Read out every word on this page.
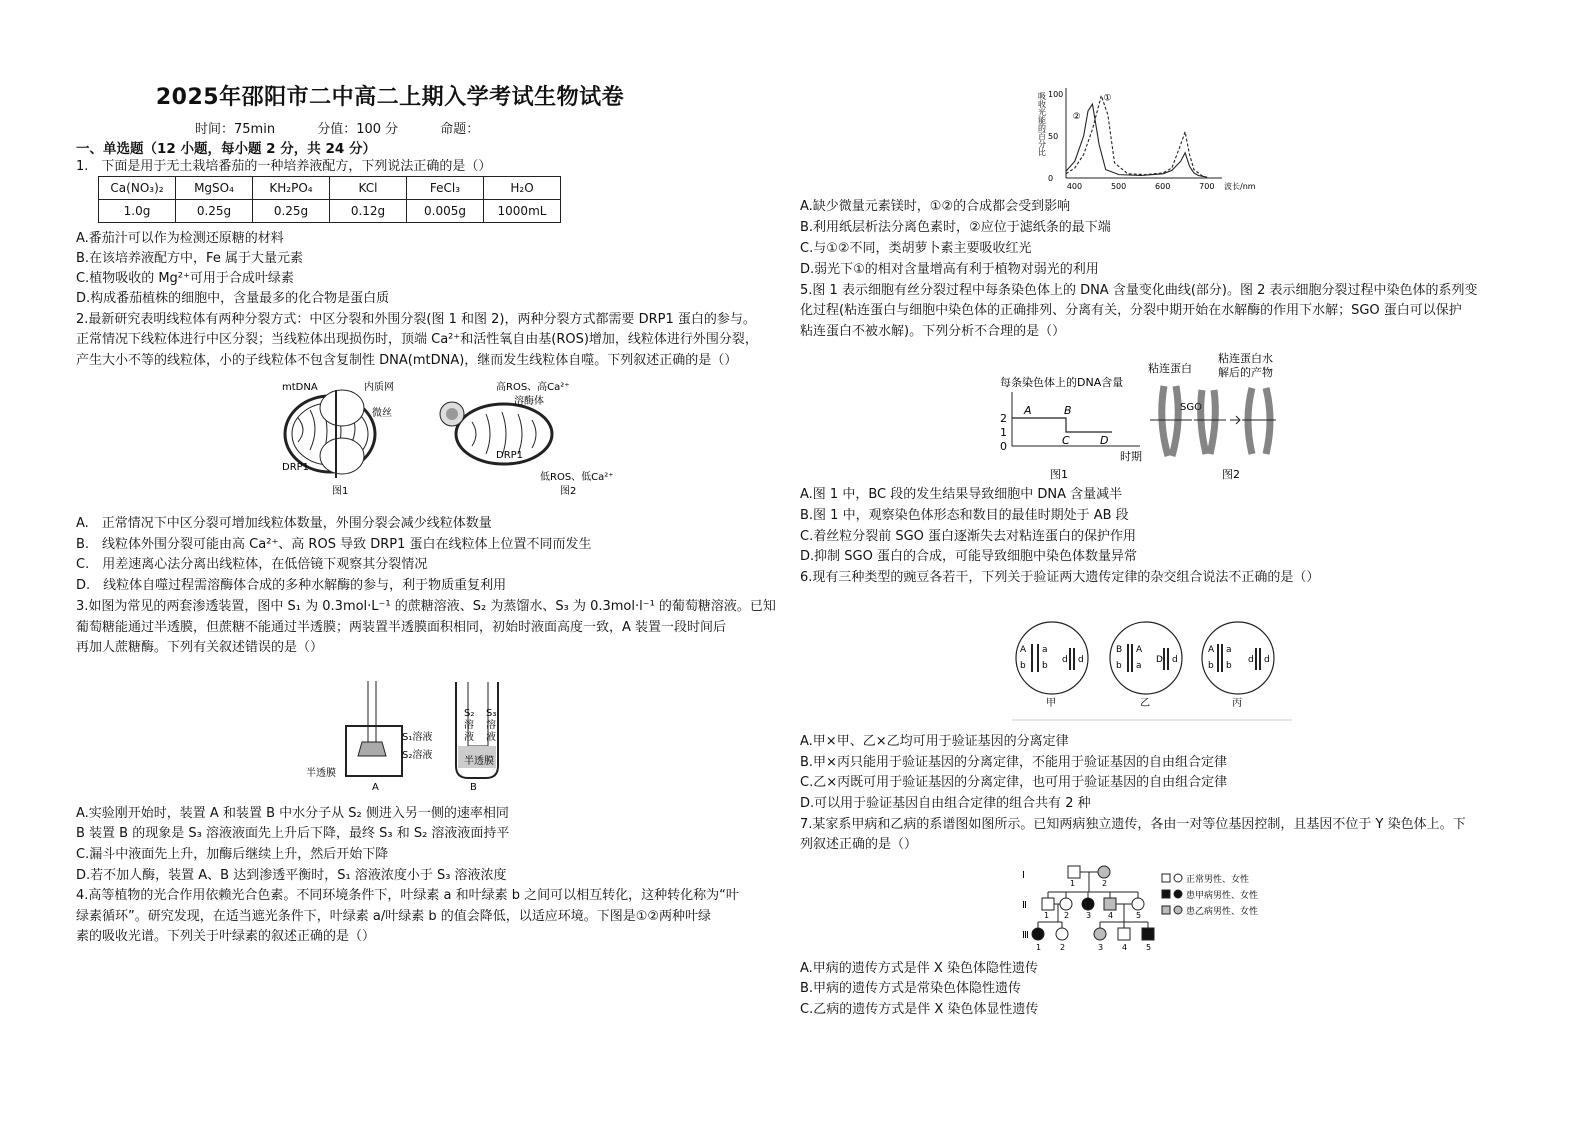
2025年邵阳市二中高二上期入学考试生物试卷
时间：75min	分值：100 分	命题：
一、单选题（12 小题，每小题 2 分，共 24 分）
1.　下面是用于无土栽培番茄的一种培养液配方，下列说法正确的是（）
Ca(NO₃)₂	MgSO₄	KH₂PO₄	KCl	FeCl₃	H₂O
1.0g	0.25g	0.25g	0.12g	0.005g	1000mL
A.番茄汁可以作为检测还原糖的材料
B.在该培养液配方中，Fe 属于大量元素
C.植物吸收的 Mg²⁺可用于合成叶绿素
D.构成番茄植株的细胞中，含量最多的化合物是蛋白质
2.最新研究表明线粒体有两种分裂方式：中区分裂和外围分裂(图 1 和图 2)，两种分裂方式都需要 DRP1 蛋白的参与。
正常情况下线粒体进行中区分裂；当线粒体出现损伤时，顶端 Ca²⁺和活性氧自由基(ROS)增加，线粒体进行外围分裂，
产生大小不等的线粒体，小的子线粒体不包含复制性 DNA(mtDNA)，继而发生线粒体自噬。下列叙述正确的是（）
mtDNA	内质网
微丝
DRP1
图1
高ROS、高Ca²⁺
溶酶体
DRP1
低ROS、低Ca²⁺
图2
A.　正常情况下中区分裂可增加线粒体数量，外围分裂会减少线粒体数量
B.　线粒体外围分裂可能由高 Ca²⁺、高 ROS 导致 DRP1 蛋白在线粒体上位置不同而发生
C.　用差速离心法分离出线粒体，在低倍镜下观察其分裂情况
D.　线粒体自噬过程需溶酶体合成的多种水解酶的参与，利于物质重复利用
3.如图为常见的两套渗透装置，图中 S₁ 为 0.3mol·L⁻¹ 的蔗糖溶液、S₂ 为蒸馏水、S₃ 为 0.3mol·l⁻¹ 的葡萄糖溶液。已知
葡萄糖能通过半透膜，但蔗糖不能通过半透膜；两装置半透膜面积相同，初始时液面高度一致，A 装置一段时间后
再加人蔗糖酶。下列有关叙述错误的是（）
S₁溶液
S₂溶液
半透膜
A
S₂
溶
液
S₃
溶
液
半透膜
B
A.实验刚开始时，装置 A 和装置 B 中水分子从 S₂ 侧进入另一侧的速率相同
B 装置 B 的现象是 S₃ 溶液液面先上升后下降，最终 S₃ 和 S₂ 溶液液面持平
C.漏斗中液面先上升，加酶后继续上升，然后开始下降
D.若不加人酶，装置 A、B 达到渗透平衡时，S₁ 溶液浓度小于 S₃ 溶液浓度
4.高等植物的光合作用依赖光合色素。不同环境条件下，叶绿素 a 和叶绿素 b 之间可以相互转化，这种转化称为“叶
绿素循环”。研究发现，在适当遮光条件下，叶绿素 a/叶绿素 b 的值会降低，以适应环境。下图是①②两种叶绿
素的吸收光谱。下列关于叶绿素的叙述正确的是（）
吸收光能的百分比
400	500	600	700
0
50
100
波长/nm
①
②
A.缺少微量元素镁时，①②的合成都会受到影响
B.利用纸层析法分离色素时，②应位于滤纸条的最下端
C.与①②不同，类胡萝卜素主要吸收红光
D.弱光下①的相对含量增高有利于植物对弱光的利用
5.图 1 表示细胞有丝分裂过程中每条染色体上的 DNA 含量变化曲线(部分)。图 2 表示细胞分裂过程中染色体的系列变
化过程(粘连蛋白与细胞中染色体的正确排列、分离有关，分裂中期开始在水解酶的作用下水解；SGO 蛋白可以保护
粘连蛋白不被水解)。下列分析不合理的是（）
每条染色体上的DNA含量
2
1
0
A	B
C	D
时期
图1
粘连蛋白
粘连蛋白水
解后的产物
SGO
图2
A.图 1 中，BC 段的发生结果导致细胞中 DNA 含量减半
B.图 1 中，观察染色体形态和数目的最佳时期处于 AB 段
C.着丝粒分裂前 SGO 蛋白逐渐失去对粘连蛋白的保护作用
D.抑制 SGO 蛋白的合成，可能导致细胞中染色体数量异常
6.现有三种类型的豌豆各若干，下列关于验证两大遗传定律的杂交组合说法不正确的是（）
A a
b b
d d
B A
b a
D d
A a
b b
d d
甲	乙	丙
A.甲×甲、乙×乙均可用于验证基因的分离定律
B.甲×丙只能用于验证基因的分离定律，不能用于验证基因的自由组合定律
C.乙×丙既可用于验证基因的分离定律，也可用于验证基因的自由组合定律
D.可以用于验证基因自由组合定律的组合共有 2 种
7.某家系甲病和乙病的系谱图如图所示。已知两病独立遗传，各由一对等位基因控制，且基因不位于 Y 染色体上。下
列叙述正确的是（）
Ⅰ
Ⅱ
Ⅲ
1	2
1 2 3 4	5
1 2	3 4 5
正常男性、女性
患甲病男性、女性
患乙病男性、女性
A.甲病的遗传方式是伴 X 染色体隐性遗传
B.甲病的遗传方式是常染色体隐性遗传
C.乙病的遗传方式是伴 X 染色体显性遗传
